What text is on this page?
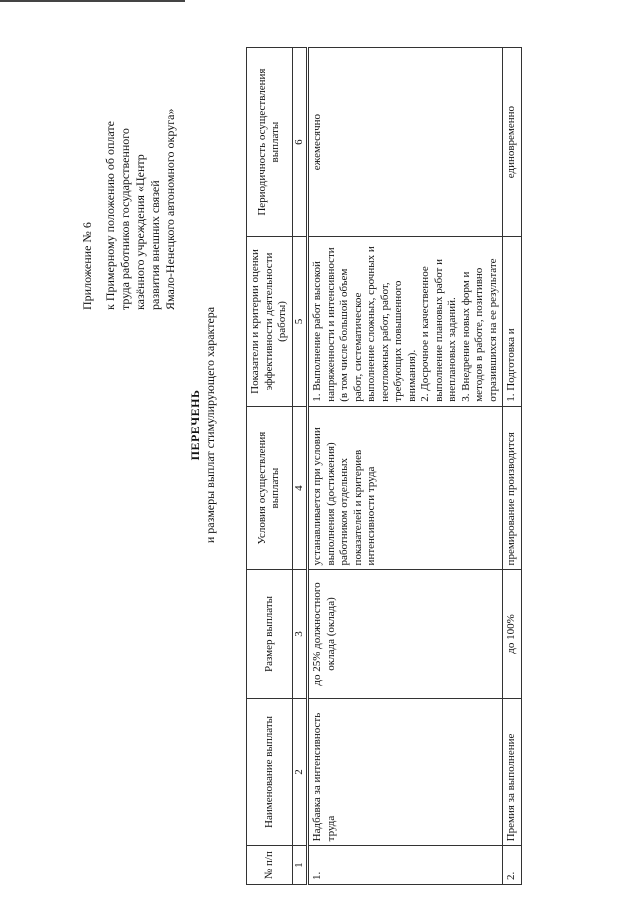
Приложение № 6 к Примерному положению об оплате труда работников государственного казённого учреждения «Центр развития внешних связей Ямало-Ненецкого автономного округа»
ПЕРЕЧЕНЬ и размеры выплат стимулирующего характера
№ п/п	Наименование выплаты	Размер выплаты	Условия осуществления выплаты	Показатели и критерии оценки эффективности деятельности (работы)	Периодичность осуществления выплаты
1	2	3	4	5	6
1.	Надбавка за интенсивность труда	до 25% должностного оклада (оклада)	устанавливается при условии выполнения (достижения) работником отдельных показателей и критериев интенсивности труда	1. Выполнение работ высокой напряженности и интенсивности (в том числе большой объем работ, систематическое выполнение сложных, срочных и неотложных работ, работ, требующих повышенного внимания). 2. Досрочное и качественное выполнение плановых работ и внеплановых заданий. 3. Внедрение новых форм и методов в работе, позитивно отразившихся на ее результате	ежемесячно
2.	Премия за выполнение	до 100%	премирование производится	1. Подготовка и	единовременно
